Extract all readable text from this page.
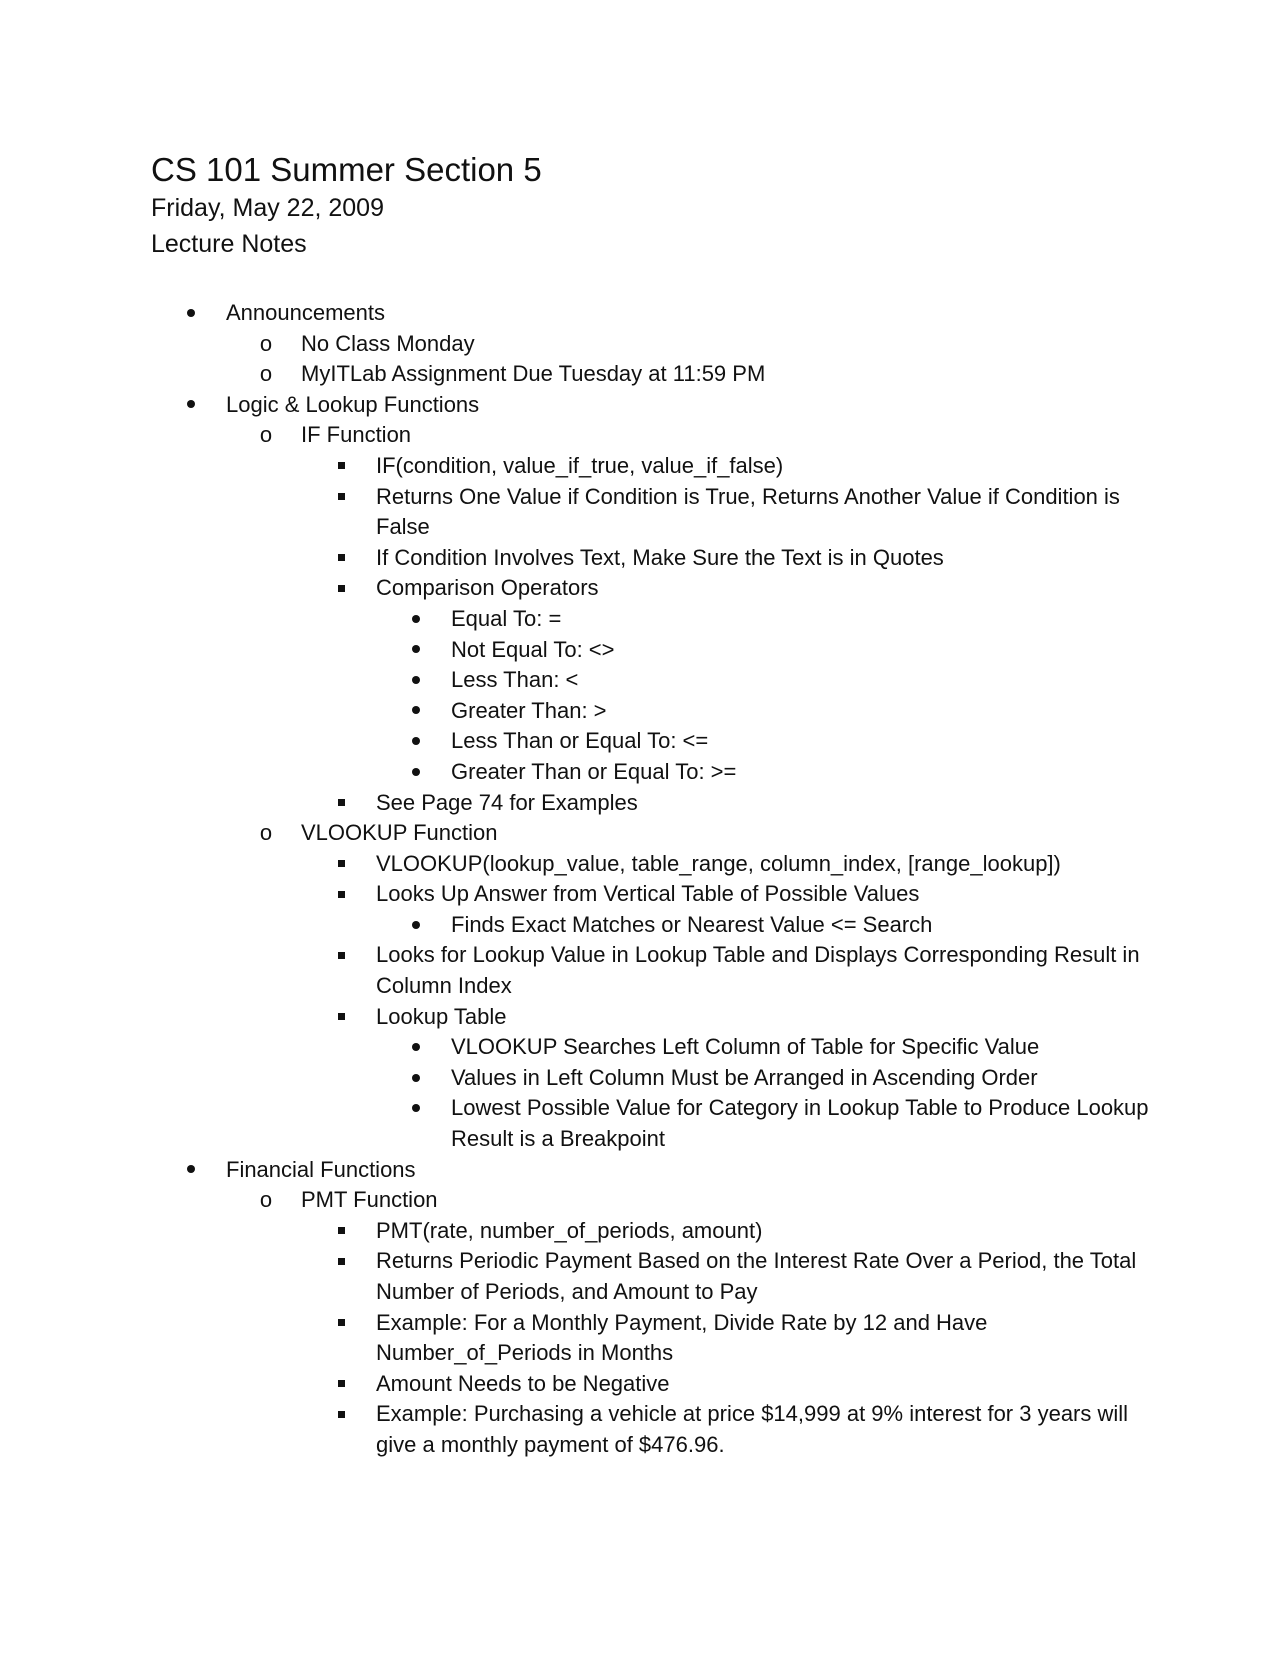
CS 101 Summer Section 5
Friday, May 22, 2009
Lecture Notes
Announcements
o No Class Monday
o MyITLab Assignment Due Tuesday at 11:59 PM
Logic & Lookup Functions
o IF Function
IF(condition, value_if_true, value_if_false)
Returns One Value if Condition is True, Returns Another Value if Condition is False
If Condition Involves Text, Make Sure the Text is in Quotes
Comparison Operators
Equal To: =
Not Equal To: <>
Less Than: <
Greater Than: >
Less Than or Equal To: <=
Greater Than or Equal To: >=
See Page 74 for Examples
o VLOOKUP Function
VLOOKUP(lookup_value, table_range, column_index, [range_lookup])
Looks Up Answer from Vertical Table of Possible Values
Finds Exact Matches or Nearest Value <= Search
Looks for Lookup Value in Lookup Table and Displays Corresponding Result in Column Index
Lookup Table
VLOOKUP Searches Left Column of Table for Specific Value
Values in Left Column Must be Arranged in Ascending Order
Lowest Possible Value for Category in Lookup Table to Produce Lookup Result is a Breakpoint
Financial Functions
o PMT Function
PMT(rate, number_of_periods, amount)
Returns Periodic Payment Based on the Interest Rate Over a Period, the Total Number of Periods, and Amount to Pay
Example: For a Monthly Payment, Divide Rate by 12 and Have Number_of_Periods in Months
Amount Needs to be Negative
Example: Purchasing a vehicle at price $14,999 at 9% interest for 3 years will give a monthly payment of $476.96.
